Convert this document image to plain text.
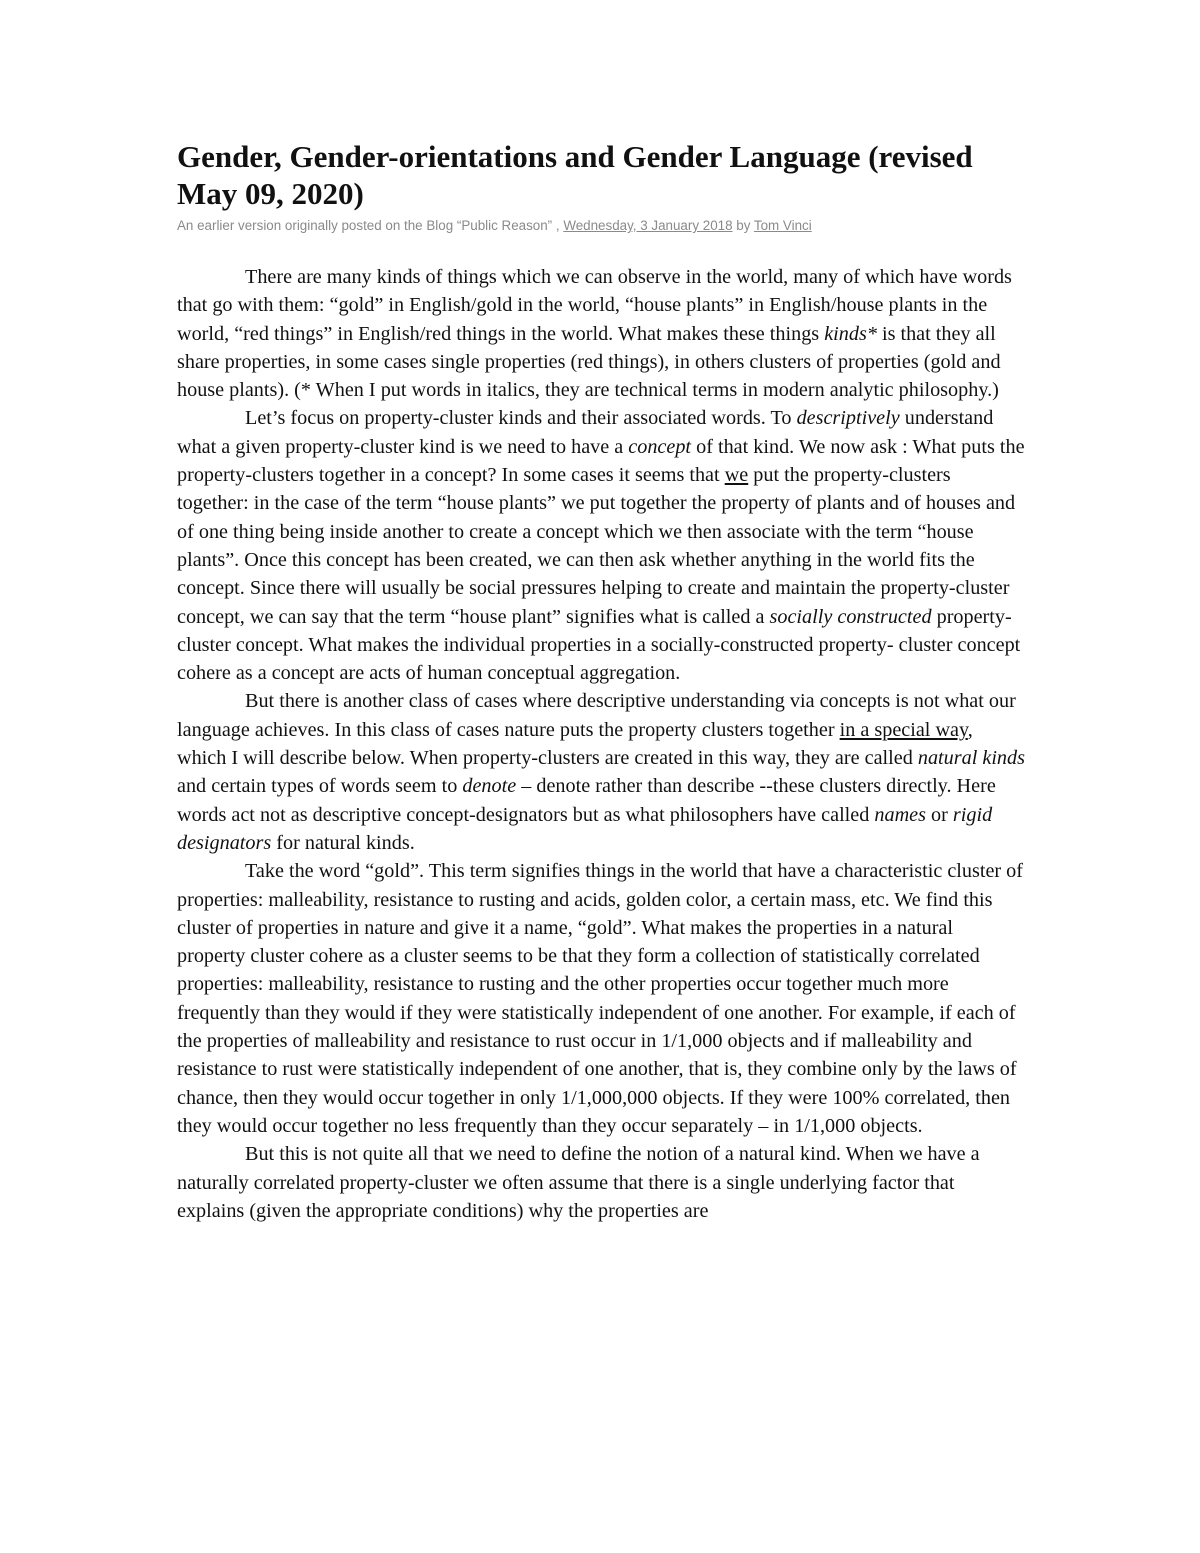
Gender, Gender-orientations and Gender Language (revised May 09, 2020)
An earlier version originally posted on the Blog “Public Reason” , Wednesday, 3 January 2018 by Tom Vinci

There are many kinds of things which we can observe in the world, many of which have words that go with them: “gold” in English/gold in the world, “house plants” in English/house plants in the world, “red things” in English/red things in the world. What makes these things kinds* is that they all share properties, in some cases single properties (red things), in others clusters of properties (gold and house plants). (* When I put words in italics, they are technical terms in modern analytic philosophy.)

Let’s focus on property-cluster kinds and their associated words. To descriptively understand what a given property-cluster kind is we need to have a concept of that kind. We now ask : What puts the property-clusters together in a concept? In some cases it seems that we put the property-clusters together: in the case of the term “house plants” we put together the property of plants and of houses and of one thing being inside another to create a concept which we then associate with the term “house plants”. Once this concept has been created, we can then ask whether anything in the world fits the concept. Since there will usually be social pressures helping to create and maintain the property-cluster concept, we can say that the term “house plant” signifies what is called a socially constructed property-cluster concept. What makes the individual properties in a socially-constructed property- cluster concept cohere as a concept are acts of human conceptual aggregation.

But there is another class of cases where descriptive understanding via concepts is not what our language achieves. In this class of cases nature puts the property clusters together in a special way, which I will describe below. When property-clusters are created in this way, they are called natural kinds and certain types of words seem to denote – denote rather than describe --these clusters directly. Here words act not as descriptive concept-designators but as what philosophers have called names or rigid designators for natural kinds.

Take the word “gold”. This term signifies things in the world that have a characteristic cluster of properties: malleability, resistance to rusting and acids, golden color, a certain mass, etc. We find this cluster of properties in nature and give it a name, “gold”. What makes the properties in a natural property cluster cohere as a cluster seems to be that they form a collection of statistically correlated properties: malleability, resistance to rusting and the other properties occur together much more frequently than they would if they were statistically independent of one another. For example, if each of the properties of malleability and resistance to rust occur in 1/1,000 objects and if malleability and resistance to rust were statistically independent of one another, that is, they combine only by the laws of chance, then they would occur together in only 1/1,000,000 objects. If they were 100% correlated, then they would occur together no less frequently than they occur separately – in 1/1,000 objects.

But this is not quite all that we need to define the notion of a natural kind. When we have a naturally correlated property-cluster we often assume that there is a single underlying factor that explains (given the appropriate conditions) why the properties are
